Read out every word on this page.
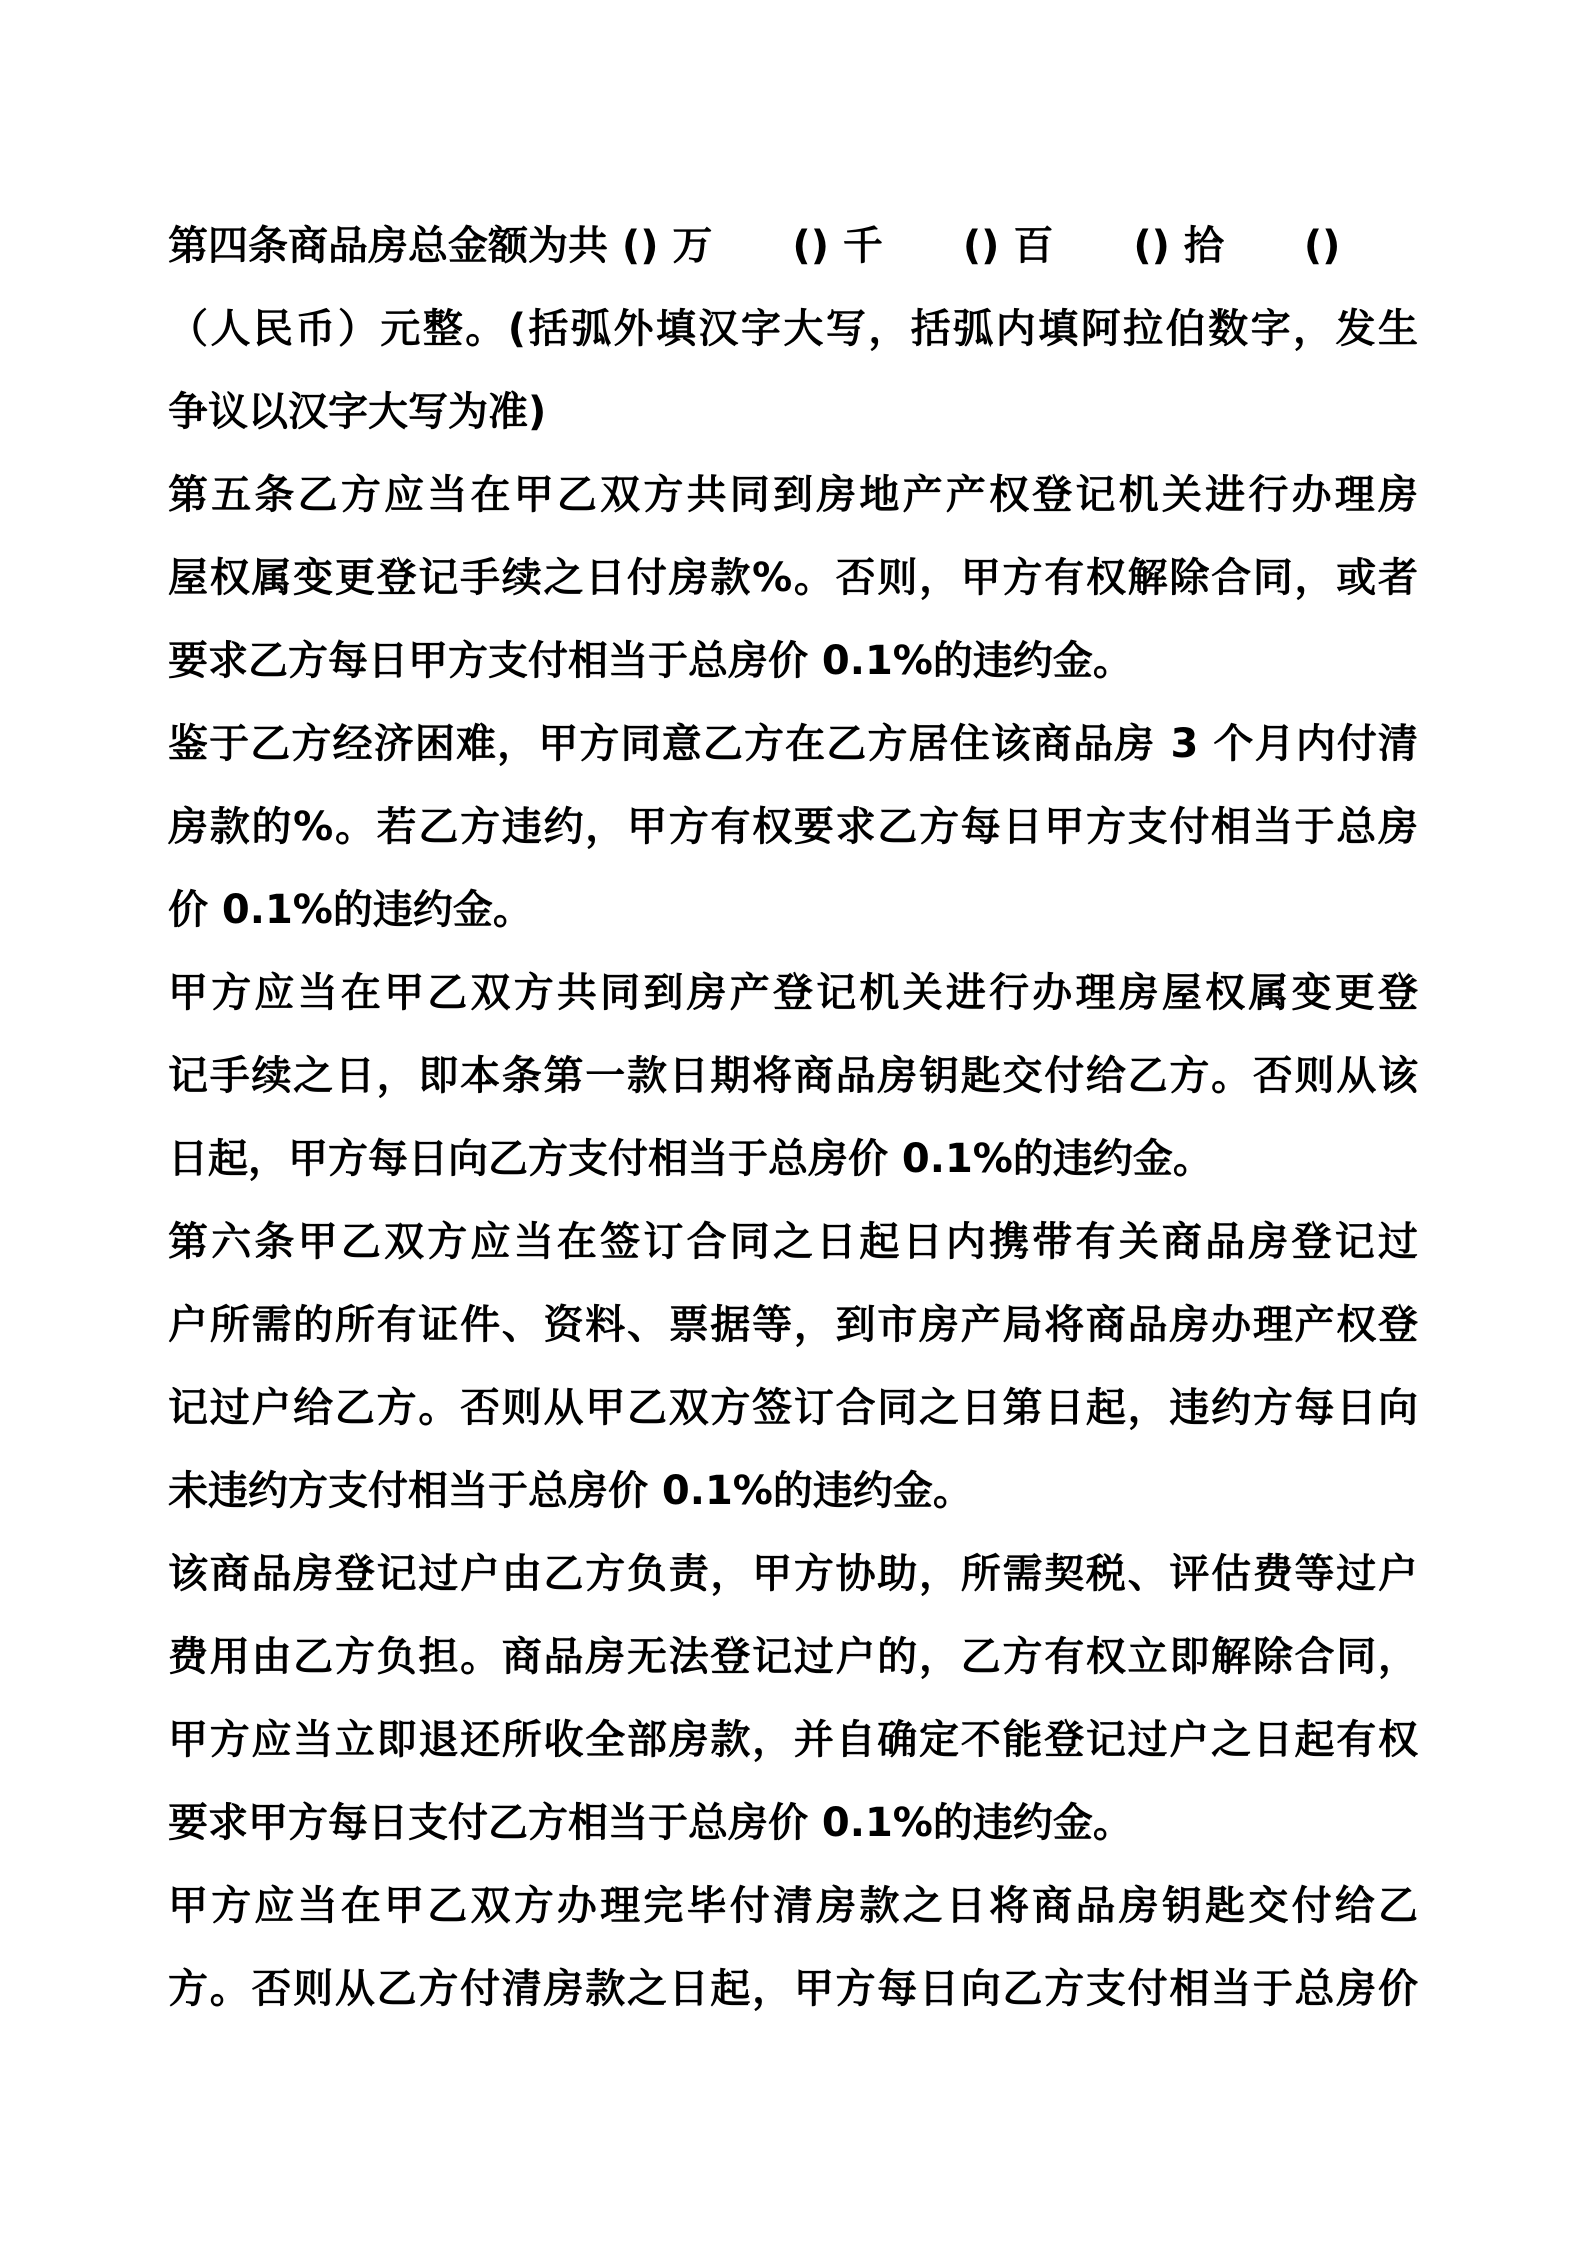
第四条商品房总金额为共 () 万　　() 千　　() 百　　() 拾　　()
（人民币）元整。(括弧外填汉字大写，括弧内填阿拉伯数字，发生
争议以汉字大写为准)
第五条乙方应当在甲乙双方共同到房地产产权登记机关进行办理房
屋权属变更登记手续之日付房款%。否则，甲方有权解除合同，或者
要求乙方每日甲方支付相当于总房价 0.1%的违约金。
鉴于乙方经济困难，甲方同意乙方在乙方居住该商品房 3 个月内付清
房款的%。若乙方违约，甲方有权要求乙方每日甲方支付相当于总房
价 0.1%的违约金。
甲方应当在甲乙双方共同到房产登记机关进行办理房屋权属变更登
记手续之日，即本条第一款日期将商品房钥匙交付给乙方。否则从该
日起，甲方每日向乙方支付相当于总房价 0.1%的违约金。
第六条甲乙双方应当在签订合同之日起日内携带有关商品房登记过
户所需的所有证件、资料、票据等，到市房产局将商品房办理产权登
记过户给乙方。否则从甲乙双方签订合同之日第日起，违约方每日向
未违约方支付相当于总房价 0.1%的违约金。
该商品房登记过户由乙方负责，甲方协助，所需契税、评估费等过户
费用由乙方负担。商品房无法登记过户的，乙方有权立即解除合同，
甲方应当立即退还所收全部房款，并自确定不能登记过户之日起有权
要求甲方每日支付乙方相当于总房价 0.1%的违约金。
甲方应当在甲乙双方办理完毕付清房款之日将商品房钥匙交付给乙
方。否则从乙方付清房款之日起，甲方每日向乙方支付相当于总房价
